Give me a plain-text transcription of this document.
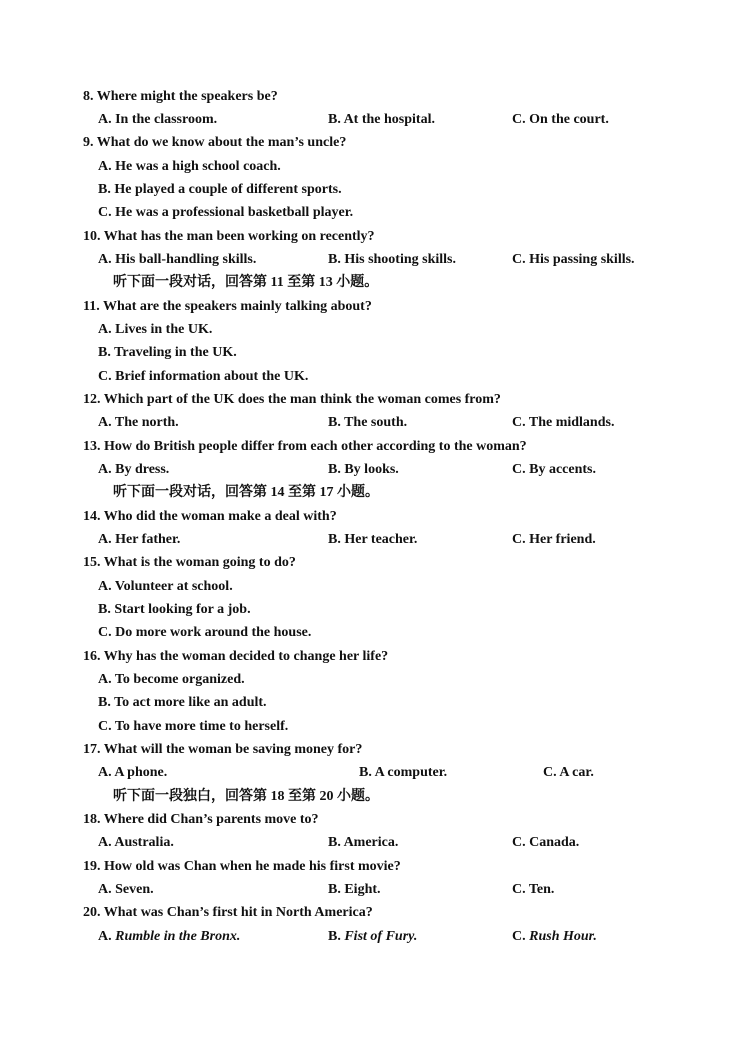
8. Where might the speakers be?
A. In the classroom.	B. At the hospital.	C. On the court.
9. What do we know about the man’s uncle?
A. He was a high school coach.
B. He played a couple of different sports.
C. He was a professional basketball player.
10. What has the man been working on recently?
A. His ball-handling skills.	B. His shooting skills.	C. His passing skills.
听下面一段对话，回答第 11 至第 13 小题。
11. What are the speakers mainly talking about?
A. Lives in the UK.
B. Traveling in the UK.
C. Brief information about the UK.
12. Which part of the UK does the man think the woman comes from?
A. The north.	B. The south.	C. The midlands.
13. How do British people differ from each other according to the woman?
A. By dress.	B. By looks.	C. By accents.
听下面一段对话，回答第 14 至第 17 小题。
14. Who did the woman make a deal with?
A. Her father.	B. Her teacher.	C. Her friend.
15. What is the woman going to do?
A. Volunteer at school.
B. Start looking for a job.
C. Do more work around the house.
16. Why has the woman decided to change her life?
A. To become organized.
B. To act more like an adult.
C. To have more time to herself.
17. What will the woman be saving money for?
A. A phone.	B. A computer.	C. A car.
听下面一段独白，回答第 18 至第 20 小题。
18. Where did Chan’s parents move to?
A. Australia.	B. America.	C. Canada.
19. How old was Chan when he made his first movie?
A. Seven.	B. Eight.	C. Ten.
20. What was Chan’s first hit in North America?
A. Rumble in the Bronx.	B. Fist of Fury.	C. Rush Hour.
